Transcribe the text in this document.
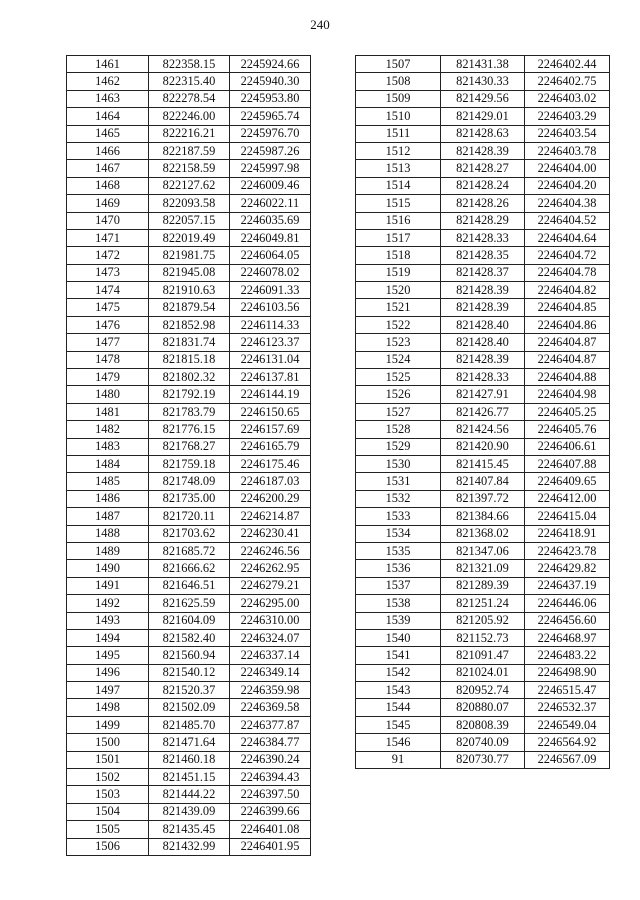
240
1461	822358.15	2245924.66
1462	822315.40	2245940.30
1463	822278.54	2245953.80
1464	822246.00	2245965.74
1465	822216.21	2245976.70
1466	822187.59	2245987.26
1467	822158.59	2245997.98
1468	822127.62	2246009.46
1469	822093.58	2246022.11
1470	822057.15	2246035.69
1471	822019.49	2246049.81
1472	821981.75	2246064.05
1473	821945.08	2246078.02
1474	821910.63	2246091.33
1475	821879.54	2246103.56
1476	821852.98	2246114.33
1477	821831.74	2246123.37
1478	821815.18	2246131.04
1479	821802.32	2246137.81
1480	821792.19	2246144.19
1481	821783.79	2246150.65
1482	821776.15	2246157.69
1483	821768.27	2246165.79
1484	821759.18	2246175.46
1485	821748.09	2246187.03
1486	821735.00	2246200.29
1487	821720.11	2246214.87
1488	821703.62	2246230.41
1489	821685.72	2246246.56
1490	821666.62	2246262.95
1491	821646.51	2246279.21
1492	821625.59	2246295.00
1493	821604.09	2246310.00
1494	821582.40	2246324.07
1495	821560.94	2246337.14
1496	821540.12	2246349.14
1497	821520.37	2246359.98
1498	821502.09	2246369.58
1499	821485.70	2246377.87
1500	821471.64	2246384.77
1501	821460.18	2246390.24
1502	821451.15	2246394.43
1503	821444.22	2246397.50
1504	821439.09	2246399.66
1505	821435.45	2246401.08
1506	821432.99	2246401.95
1507	821431.38	2246402.44
1508	821430.33	2246402.75
1509	821429.56	2246403.02
1510	821429.01	2246403.29
1511	821428.63	2246403.54
1512	821428.39	2246403.78
1513	821428.27	2246404.00
1514	821428.24	2246404.20
1515	821428.26	2246404.38
1516	821428.29	2246404.52
1517	821428.33	2246404.64
1518	821428.35	2246404.72
1519	821428.37	2246404.78
1520	821428.39	2246404.82
1521	821428.39	2246404.85
1522	821428.40	2246404.86
1523	821428.40	2246404.87
1524	821428.39	2246404.87
1525	821428.33	2246404.88
1526	821427.91	2246404.98
1527	821426.77	2246405.25
1528	821424.56	2246405.76
1529	821420.90	2246406.61
1530	821415.45	2246407.88
1531	821407.84	2246409.65
1532	821397.72	2246412.00
1533	821384.66	2246415.04
1534	821368.02	2246418.91
1535	821347.06	2246423.78
1536	821321.09	2246429.82
1537	821289.39	2246437.19
1538	821251.24	2246446.06
1539	821205.92	2246456.60
1540	821152.73	2246468.97
1541	821091.47	2246483.22
1542	821024.01	2246498.90
1543	820952.74	2246515.47
1544	820880.07	2246532.37
1545	820808.39	2246549.04
1546	820740.09	2246564.92
91	820730.77	2246567.09
